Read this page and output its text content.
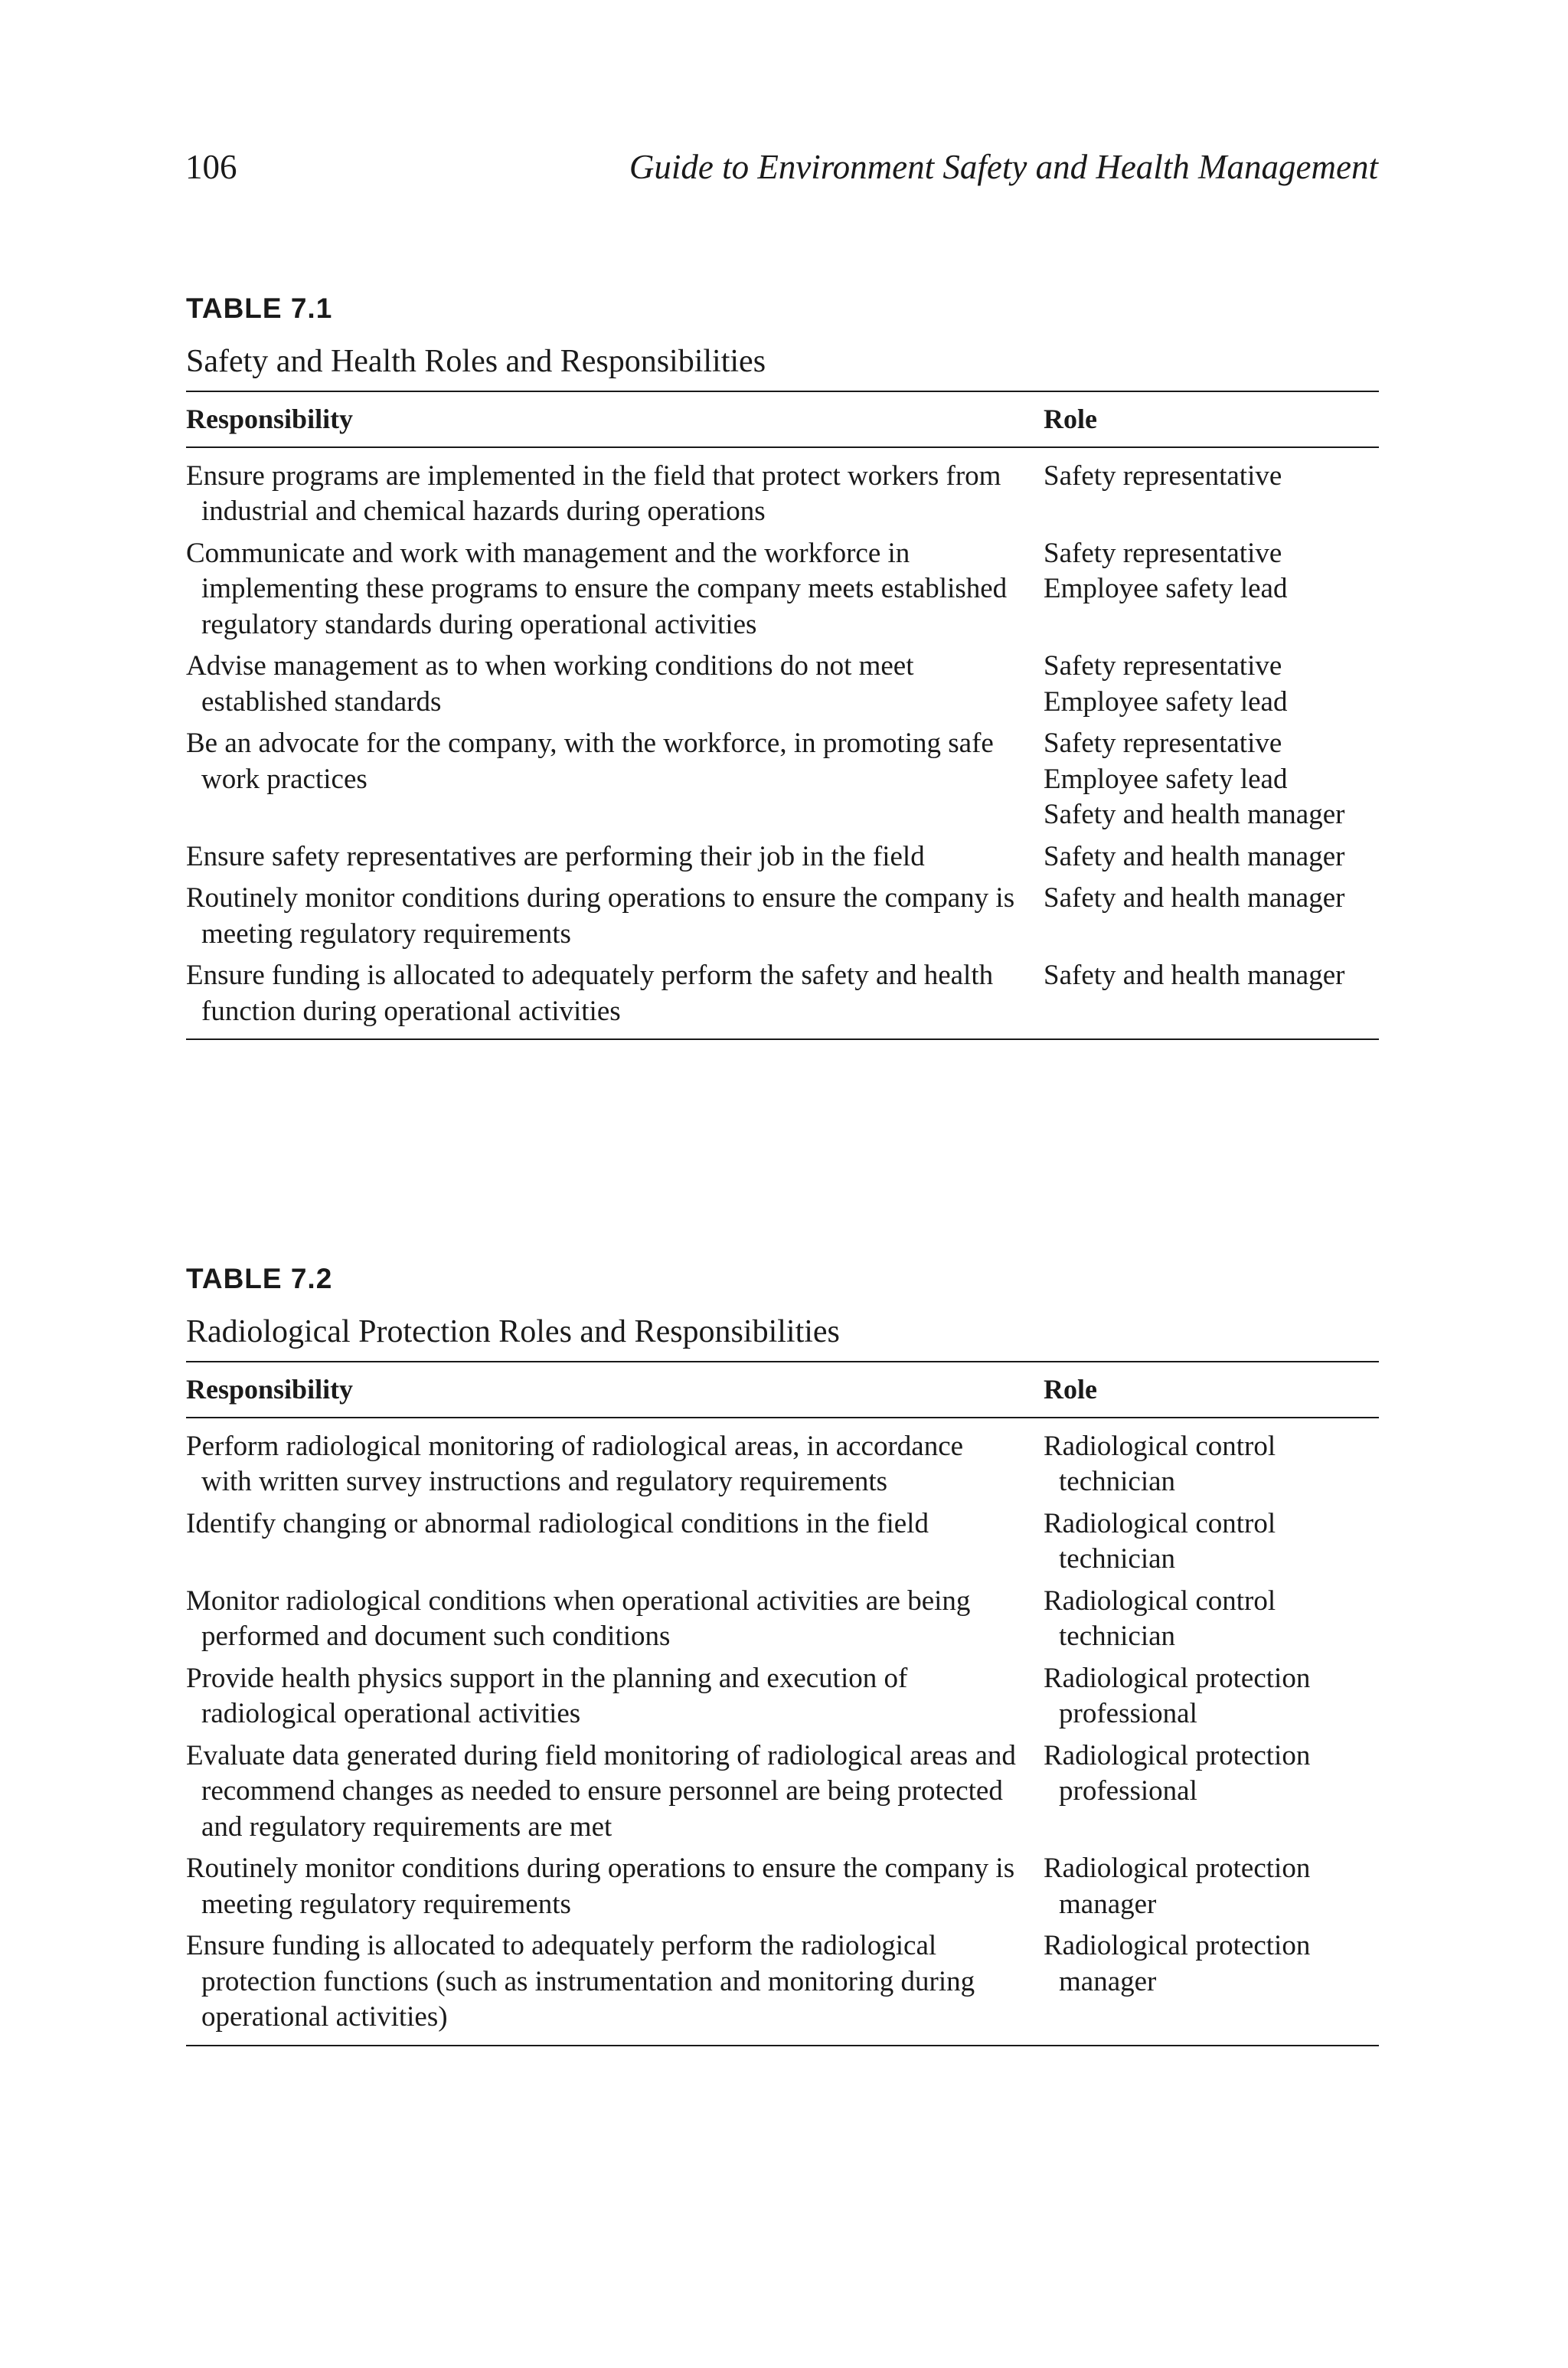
106	Guide to Environment Safety and Health Management
TABLE 7.1
Safety and Health Roles and Responsibilities
Responsibility	Role

Ensure programs are implemented in the field that protect workers from industrial and chemical hazards during operations	Safety representative

Communicate and work with management and the workforce in implementing these programs to ensure the company meets established regulatory standards during operational activities	Safety representative
Employee safety lead

Advise management as to when working conditions do not meet established standards	Safety representative
Employee safety lead

Be an advocate for the company, with the workforce, in promoting safe work practices	Safety representative
Employee safety lead
Safety and health manager

Ensure safety representatives are performing their job in the field	Safety and health manager

Routinely monitor conditions during operations to ensure the company is meeting regulatory requirements	Safety and health manager

Ensure funding is allocated to adequately perform the safety and health function during operational activities	Safety and health manager
TABLE 7.2
Radiological Protection Roles and Responsibilities
Responsibility	Role

Perform radiological monitoring of radiological areas, in accordance with written survey instructions and regulatory requirements	Radiological control technician

Identify changing or abnormal radiological conditions in the field	Radiological control technician

Monitor radiological conditions when operational activities are being performed and document such conditions	Radiological control technician

Provide health physics support in the planning and execution of radiological operational activities	Radiological protection professional

Evaluate data generated during field monitoring of radiological areas and recommend changes as needed to ensure personnel are being protected and regulatory requirements are met	Radiological protection professional

Routinely monitor conditions during operations to ensure the company is meeting regulatory requirements	Radiological protection manager

Ensure funding is allocated to adequately perform the radiological protection functions (such as instrumentation and monitoring during operational activities)	Radiological protection manager
